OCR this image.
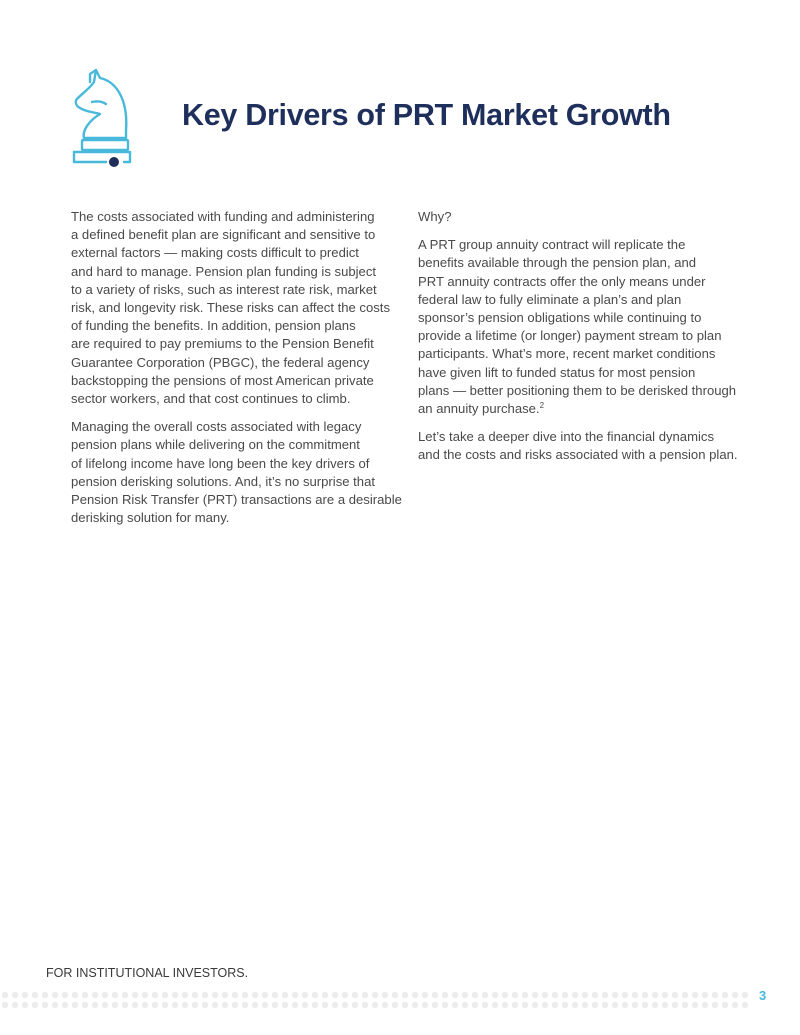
Key Drivers of PRT Market Growth

The costs associated with funding and administering
a defined benefit plan are significant and sensitive to
external factors — making costs difficult to predict
and hard to manage. Pension plan funding is subject
to a variety of risks, such as interest rate risk, market
risk, and longevity risk. These risks can affect the costs
of funding the benefits. In addition, pension plans
are required to pay premiums to the Pension Benefit
Guarantee Corporation (PBGC), the federal agency
backstopping the pensions of most American private
sector workers, and that cost continues to climb.

Managing the overall costs associated with legacy
pension plans while delivering on the commitment
of lifelong income have long been the key drivers of
pension derisking solutions. And, it’s no surprise that
Pension Risk Transfer (PRT) transactions are a desirable
derisking solution for many.

Why?

A PRT group annuity contract will replicate the
benefits available through the pension plan, and
PRT annuity contracts offer the only means under
federal law to fully eliminate a plan’s and plan
sponsor’s pension obligations while continuing to
provide a lifetime (or longer) payment stream to plan
participants. What’s more, recent market conditions
have given lift to funded status for most pension
plans — better positioning them to be derisked through
an annuity purchase.$^2$

Let’s take a deeper dive into the financial dynamics
and the costs and risks associated with a pension plan.

FOR INSTITUTIONAL INVESTORS.
3
